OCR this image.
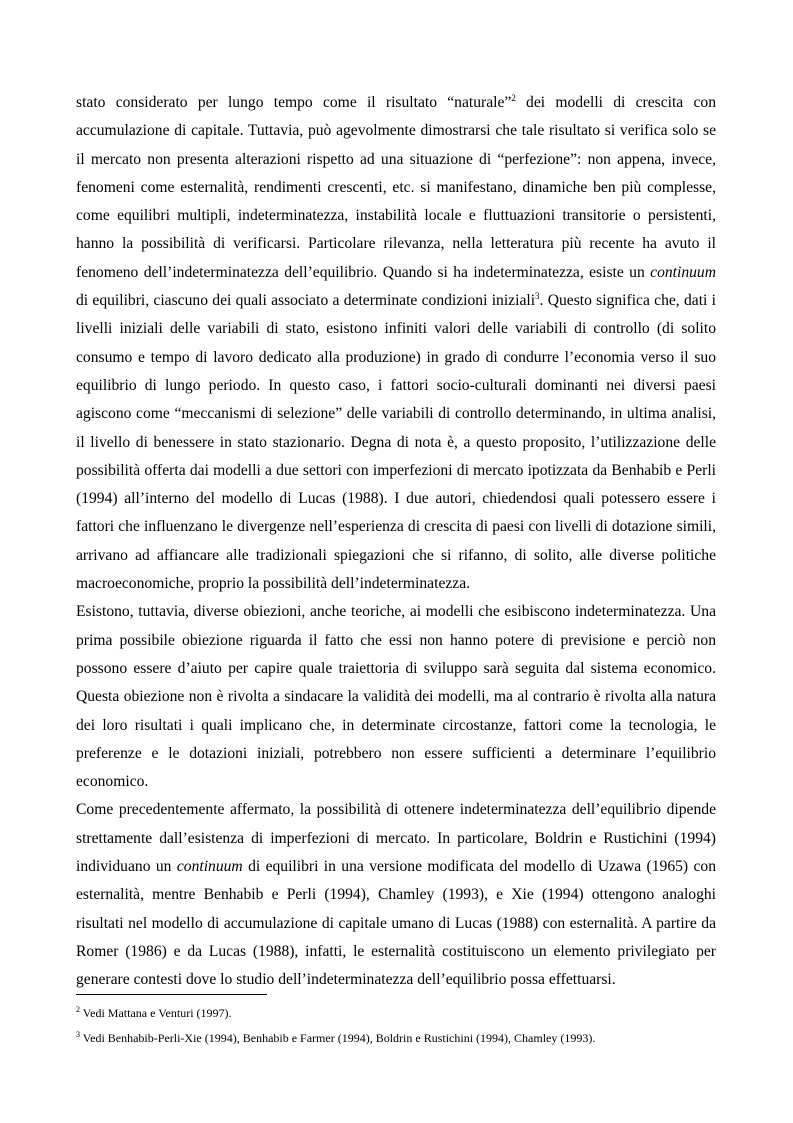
stato considerato per lungo tempo come il risultato “naturale”$^2$ dei modelli di crescita con accumulazione di capitale. Tuttavia, può agevolmente dimostrarsi che tale risultato si verifica solo se il mercato non presenta alterazioni rispetto ad una situazione di “perfezione”: non appena, invece, fenomeni come esternalità, rendimenti crescenti, etc. si manifestano, dinamiche ben più complesse, come equilibri multipli, indeterminatezza, instabilità locale e fluttuazioni transitorie o persistenti, hanno la possibilità di verificarsi. Particolare rilevanza, nella letteratura più recente ha avuto il fenomeno dell’indeterminatezza dell’equilibrio. Quando si ha indeterminatezza, esiste un continuum di equilibri, ciascuno dei quali associato a determinate condizioni iniziali$^3$. Questo significa che, dati i livelli iniziali delle variabili di stato, esistono infiniti valori delle variabili di controllo (di solito consumo e tempo di lavoro dedicato alla produzione) in grado di condurre l’economia verso il suo equilibrio di lungo periodo. In questo caso, i fattori socio-culturali dominanti nei diversi paesi agiscono come “meccanismi di selezione” delle variabili di controllo determinando, in ultima analisi, il livello di benessere in stato stazionario. Degna di nota è, a questo proposito, l’utilizzazione delle possibilità offerta dai modelli a due settori con imperfezioni di mercato ipotizzata da Benhabib e Perli (1994) all’interno del modello di Lucas (1988). I due autori, chiedendosi quali potessero essere i fattori che influenzano le divergenze nell’esperienza di crescita di paesi con livelli di dotazione simili, arrivano ad affiancare alle tradizionali spiegazioni che si rifanno, di solito, alle diverse politiche macroeconomiche, proprio la possibilità dell’indeterminatezza.

Esistono, tuttavia, diverse obiezioni, anche teoriche, ai modelli che esibiscono indeterminatezza. Una prima possibile obiezione riguarda il fatto che essi non hanno potere di previsione e perciò non possono essere d’aiuto per capire quale traiettoria di sviluppo sarà seguita dal sistema economico. Questa obiezione non è rivolta a sindacare la validità dei modelli, ma al contrario è rivolta alla natura dei loro risultati i quali implicano che, in determinate circostanze, fattori come la tecnologia, le preferenze e le dotazioni iniziali, potrebbero non essere sufficienti a determinare l’equilibrio economico.

Come precedentemente affermato, la possibilità di ottenere indeterminatezza dell’equilibrio dipende strettamente dall’esistenza di imperfezioni di mercato. In particolare, Boldrin e Rustichini (1994) individuano un continuum di equilibri in una versione modificata del modello di Uzawa (1965) con esternalità, mentre Benhabib e Perli (1994), Chamley (1993), e Xie (1994) ottengono analoghi risultati nel modello di accumulazione di capitale umano di Lucas (1988) con esternalità. A partire da Romer (1986) e da Lucas (1988), infatti, le esternalità costituiscono un elemento privilegiato per generare contesti dove lo studio dell’indeterminatezza dell’equilibrio possa effettuarsi.

$^2$ Vedi Mattana e Venturi (1997).

$^3$ Vedi Benhabib-Perli-Xie (1994), Benhabib e Farmer (1994), Boldrin e Rustichini (1994), Chamley (1993).
